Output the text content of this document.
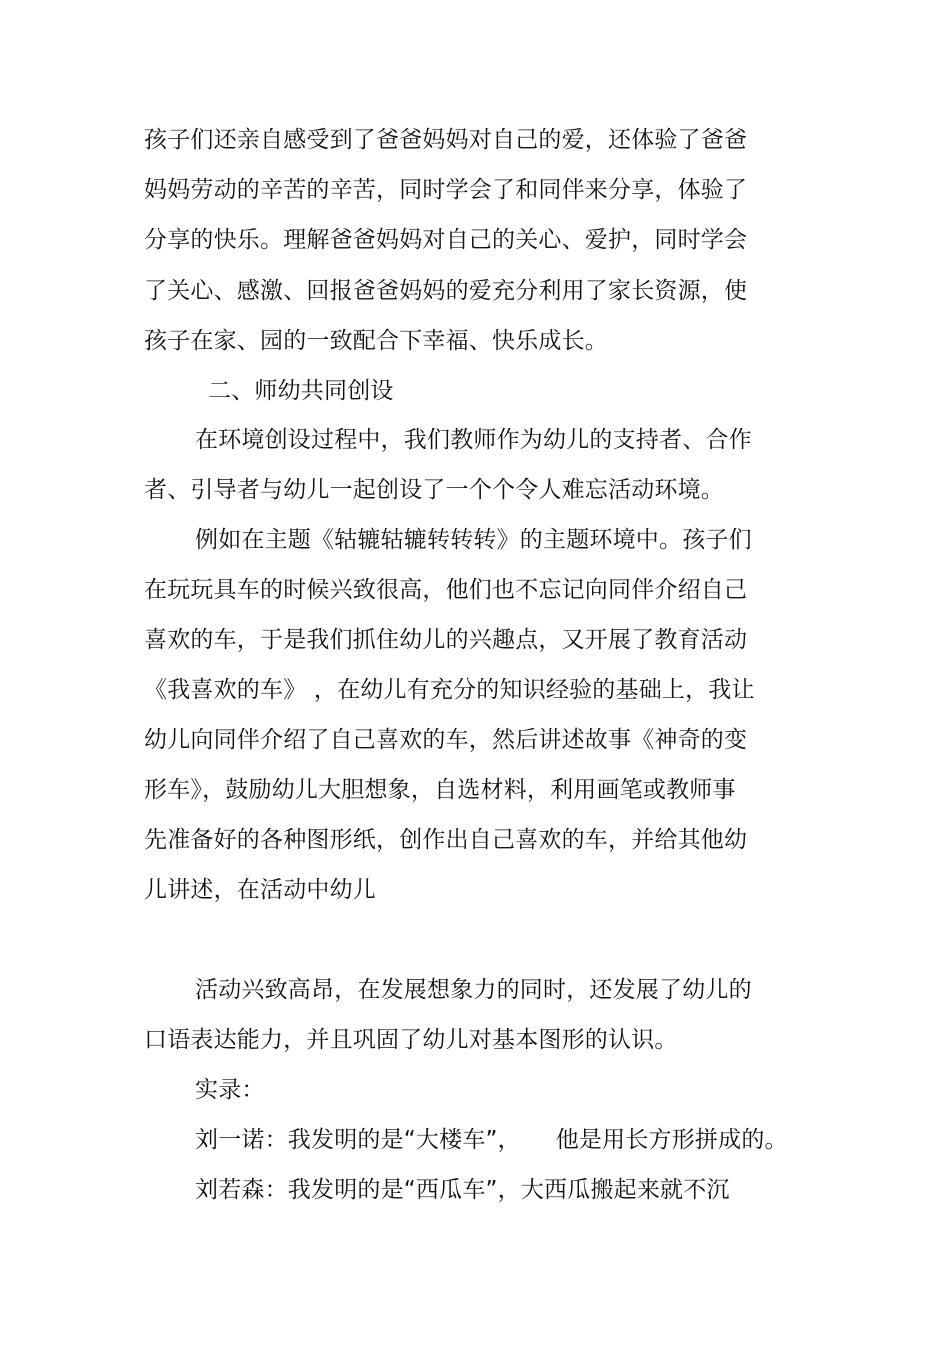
孩子们还亲自感受到了爸爸妈妈对自己的爱，还体验了爸爸
妈妈劳动的辛苦的辛苦，同时学会了和同伴来分享，体验了
分享的快乐。理解爸爸妈妈对自己的关心、爱护，同时学会
了关心、感激、回报爸爸妈妈的爱充分利用了家长资源，使
孩子在家、园的一致配合下幸福、快乐成长。
二、师幼共同创设
在环境创设过程中，我们教师作为幼儿的支持者、合作
者、引导者与幼儿一起创设了一个个令人难忘活动环境。
例如在主题《轱辘轱辘转转转》的主题环境中。孩子们
在玩玩具车的时候兴致很高，他们也不忘记向同伴介绍自己
喜欢的车，于是我们抓住幼儿的兴趣点，又开展了教育活动
《我喜欢的车》 ，在幼儿有充分的知识经验的基础上，我让
幼儿向同伴介绍了自己喜欢的车，然后讲述故事《神奇的变
形车》，鼓励幼儿大胆想象，自选材料，利用画笔或教师事
先准备好的各种图形纸，创作出自己喜欢的车，并给其他幼
儿讲述，在活动中幼儿
活动兴致高昂，在发展想象力的同时，还发展了幼儿的
口语表达能力，并且巩固了幼儿对基本图形的认识。
实录：
刘一诺：我发明的是“大楼车”，　　他是用长方形拼成的。
刘若森：我发明的是“西瓜车”，大西瓜搬起来就不沉
